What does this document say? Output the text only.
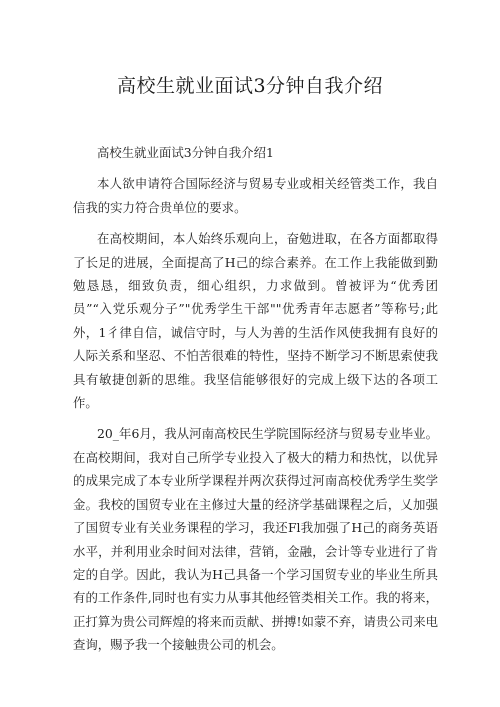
高校生就业面试3分钟自我介绍

高校生就业面试3分钟自我介绍1

本人欲申请符合国际经济与贸易专业或相关经管类工作，我自信我的实力符合贵单位的要求。

在高校期间，本人始终乐观向上，奋勉进取，在各方面都取得了长足的进展，全面提高了H己的综合素养。在工作上我能做到勤勉恳恳，细致负责，细心组织，力求做到。曾被评为“优秀团员”“入党乐观分子”"优秀学生干部""优秀青年志愿者”等称号;此外，1彳律自信，诚信守时，与人为善的生活作风使我拥有良好的人际关系和坚忍、不怕苦很难的特性，坚持不断学习不断思索使我具有敏捷创新的思维。我坚信能够很好的完成上级下达的各项工作。

20_年6月，我从河南高校民生学院国际经济与贸易专业毕业。在高校期间，我对自己所学专业投入了极大的精力和热忱，以优异的成果完成了本专业所学课程并两次获得过河南高校优秀学生奖学金。我校的国贸专业在主修过大量的经济学基础课程之后，乂加强了国贸专业有关业务课程的学习，我还Fl我加强了H己的商务英语水平，并利用业余时间对法律，营销，金融，会计等专业进行了肯定的自学。因此，我认为H己具备一个学习国贸专业的毕业生所具有的工作条件,同时也有实力从事其他经管类相关工作。我的将来，正打算为贵公司辉煌的将来而贡献、拼搏!如蒙不弃，请贵公司来电查询，赐予我一个接触贵公司的机会。
